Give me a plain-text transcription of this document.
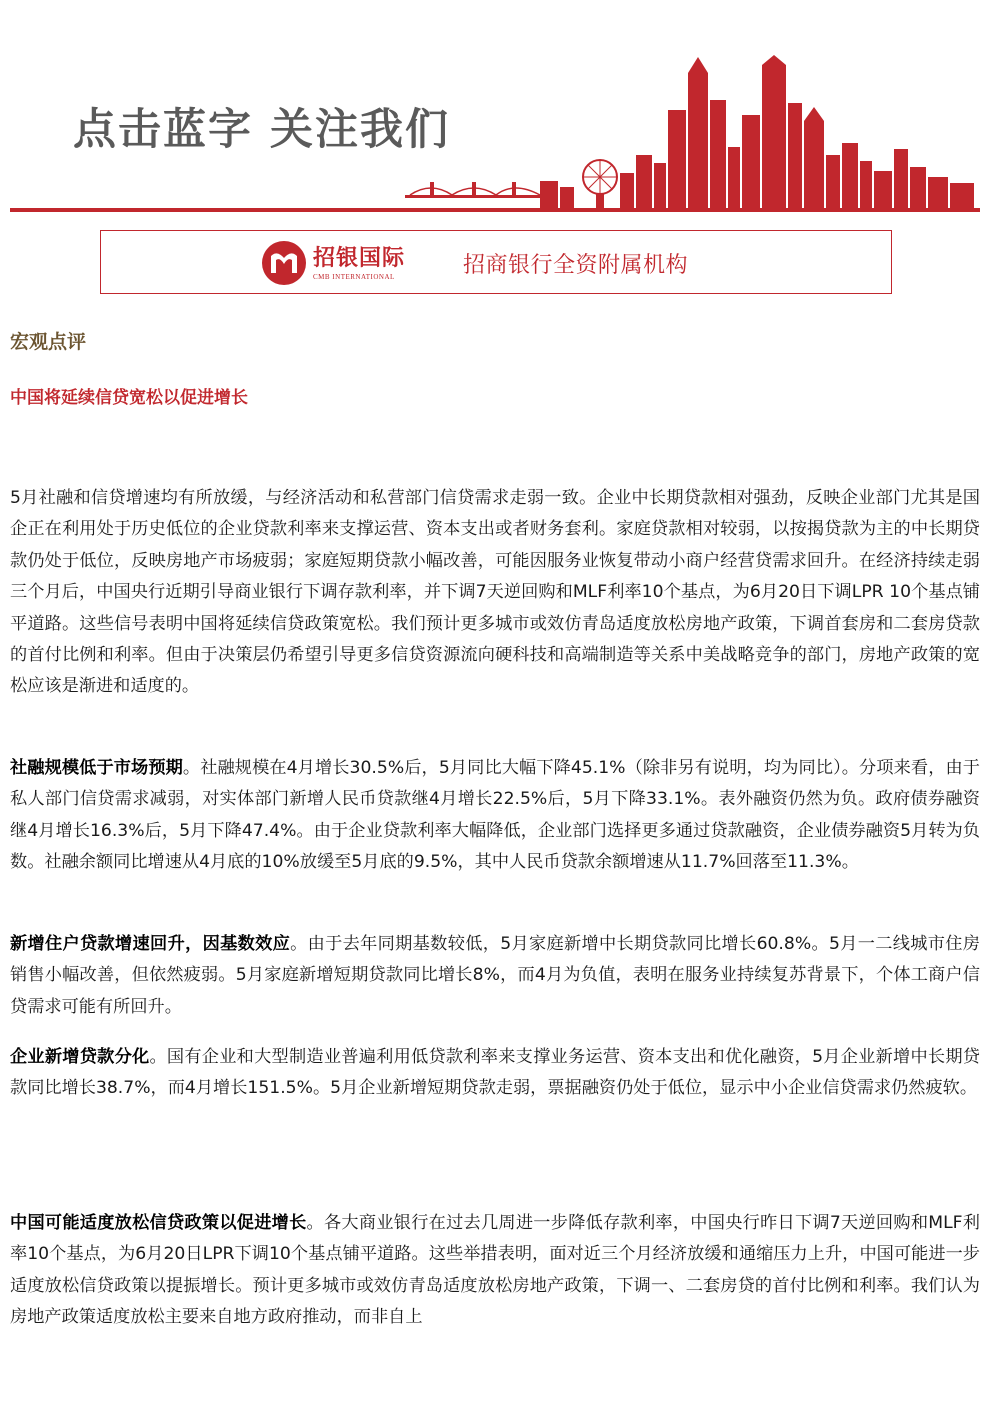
点击蓝字 关注我们
招银国际
CMB INTERNATIONAL	招商银行全资附属机构
宏观点评
中国将延续信贷宽松以促进增长

5月社融和信贷增速均有所放缓，与经济活动和私营部门信贷需求走弱一致。企业中长期贷款相对强劲，反映企业部门尤其是国企正在利用处于历史低位的企业贷款利率来支撑运营、资本支出或者财务套利。家庭贷款相对较弱，以按揭贷款为主的中长期贷款仍处于低位，反映房地产市场疲弱；家庭短期贷款小幅改善，可能因服务业恢复带动小商户经营贷需求回升。在经济持续走弱三个月后，中国央行近期引导商业银行下调存款利率，并下调7天逆回购和MLF利率10个基点，为6月20日下调LPR 10个基点铺平道路。这些信号表明中国将延续信贷政策宽松。我们预计更多城市或效仿青岛适度放松房地产政策，下调首套房和二套房贷款的首付比例和利率。但由于决策层仍希望引导更多信贷资源流向硬科技和高端制造等关系中美战略竞争的部门，房地产政策的宽松应该是渐进和适度的。

社融规模低于市场预期。社融规模在4月增长30.5%后，5月同比大幅下降45.1%（除非另有说明，均为同比）。分项来看，由于私人部门信贷需求减弱，对实体部门新增人民币贷款继4月增长22.5%后，5月下降33.1%。表外融资仍然为负。政府债券融资继4月增长16.3%后，5月下降47.4%。由于企业贷款利率大幅降低，企业部门选择更多通过贷款融资，企业债券融资5月转为负数。社融余额同比增速从4月底的10%放缓至5月底的9.5%，其中人民币贷款余额增速从11.7%回落至11.3%。

新增住户贷款增速回升，因基数效应。由于去年同期基数较低，5月家庭新增中长期贷款同比增长60.8%。5月一二线城市住房销售小幅改善，但依然疲弱。5月家庭新增短期贷款同比增长8%，而4月为负值，表明在服务业持续复苏背景下，个体工商户信贷需求可能有所回升。

企业新增贷款分化。国有企业和大型制造业普遍利用低贷款利率来支撑业务运营、资本支出和优化融资，5月企业新增中长期贷款同比增长38.7%，而4月增长151.5%。5月企业新增短期贷款走弱，票据融资仍处于低位，显示中小企业信贷需求仍然疲软。

中国可能适度放松信贷政策以促进增长。各大商业银行在过去几周进一步降低存款利率，中国央行昨日下调7天逆回购和MLF利率10个基点，为6月20日LPR下调10个基点铺平道路。这些举措表明，面对近三个月经济放缓和通缩压力上升，中国可能进一步适度放松信贷政策以提振增长。预计更多城市或效仿青岛适度放松房地产政策，下调一、二套房贷的首付比例和利率。我们认为房地产政策适度放松主要来自地方政府推动，而非自上
